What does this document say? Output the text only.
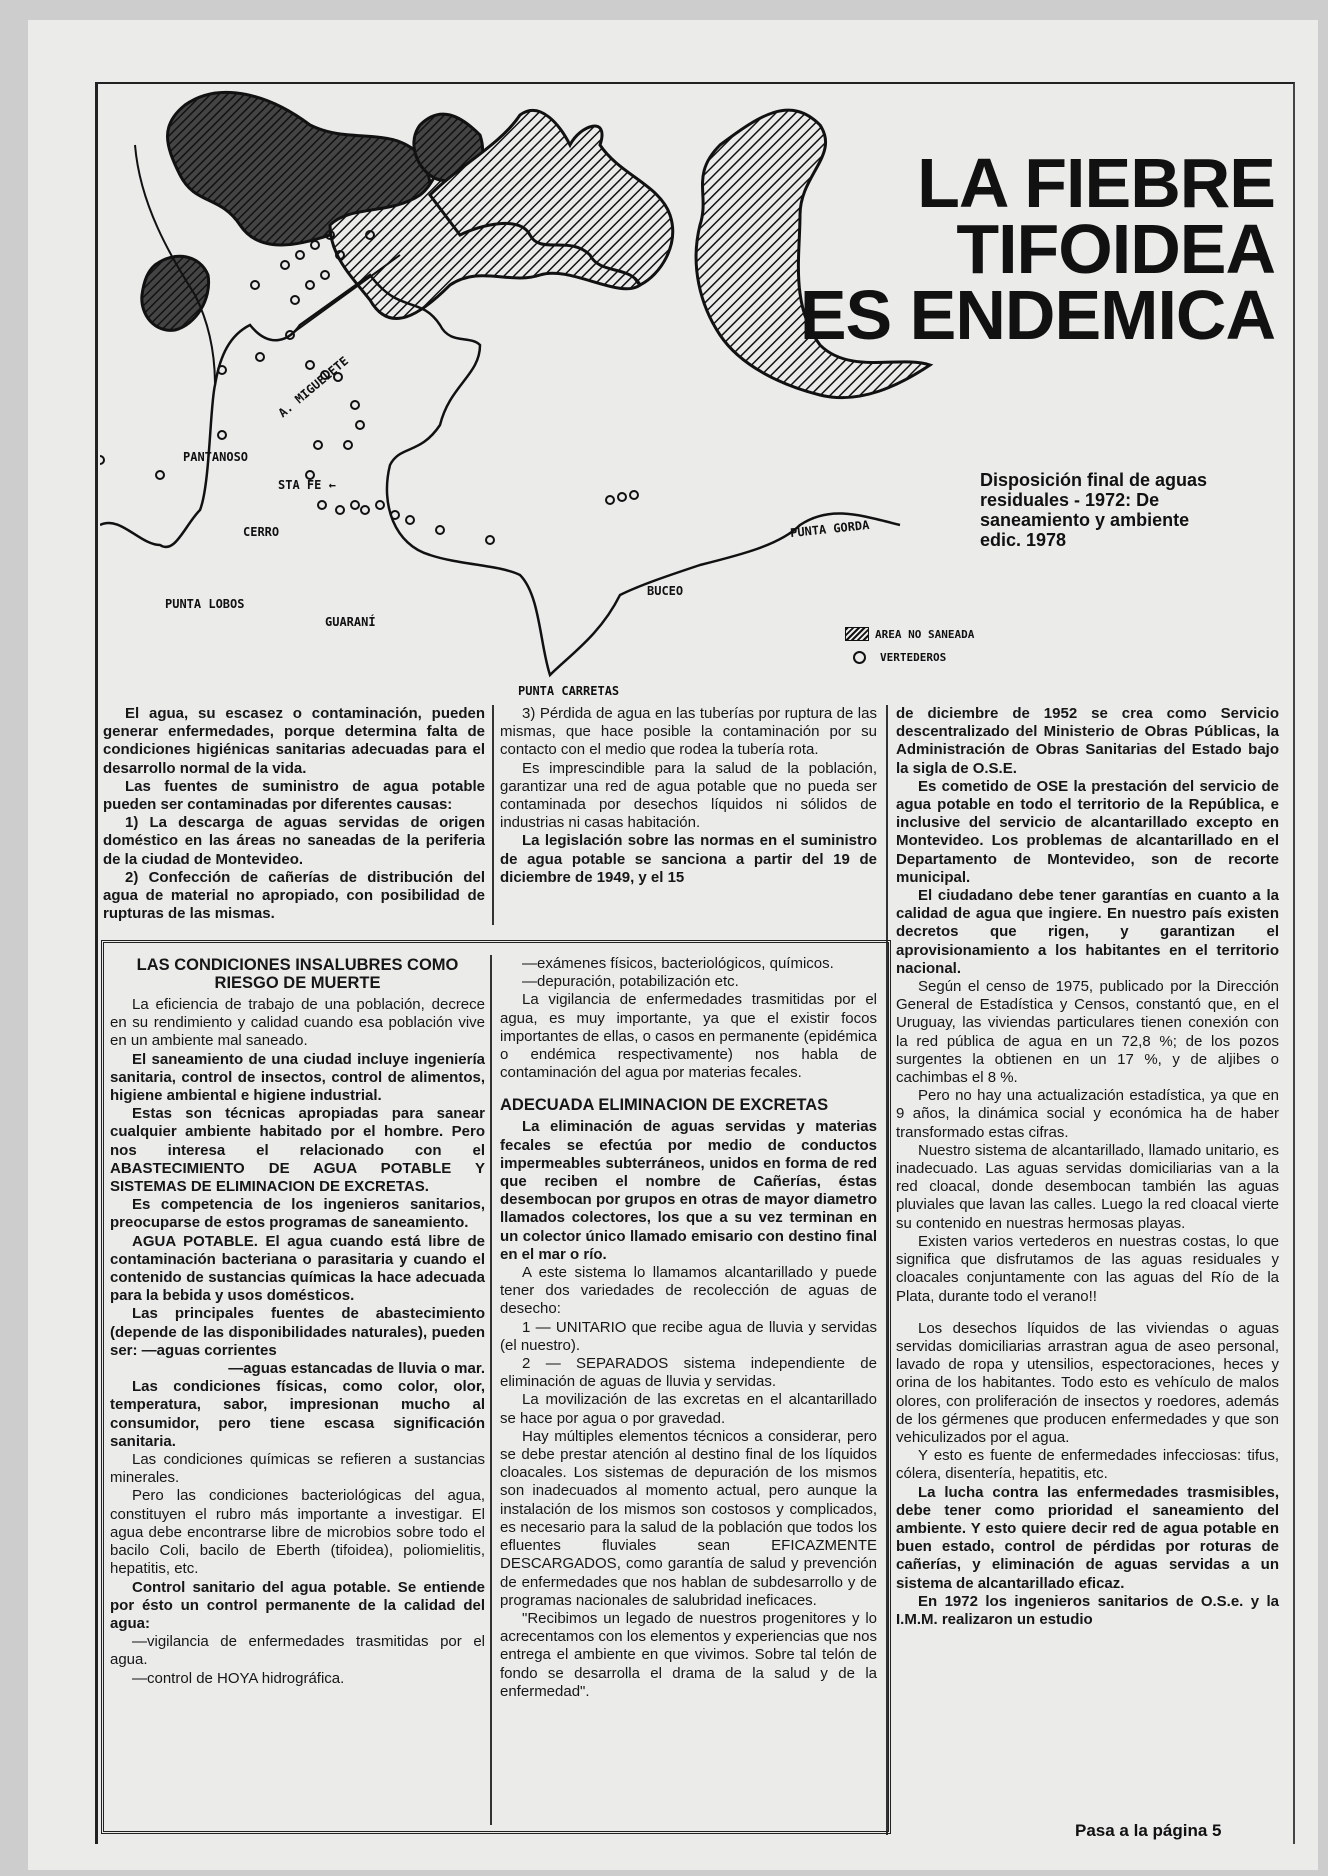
A. MIGUELETE
PANTANOSO
STA FE ←
CERRO
PUNTA LOBOS
GUARANÍ
BUCEO
PUNTA CARRETAS
PUNTA GORDA
LA FIEBRE
TIFOIDEA
ES ENDEMICA
Disposición final de aguas residuales - 1972: De saneamiento y ambiente edic. 1978
AREA NO SANEADA
VERTEDEROS

El agua, su escasez o contaminación, pueden generar enfermedades, porque determina falta de condiciones higiénicas sanitarias adecuadas para el desarrollo normal de la vida.

Las fuentes de suministro de agua potable pueden ser contaminadas por diferentes causas:

1) La descarga de aguas servidas de origen doméstico en las áreas no saneadas de la periferia de la ciudad de Montevideo.

2) Confección de cañerías de distribución del agua de material no apropiado, con posibilidad de rupturas de las mismas.

3) Pérdida de agua en las tuberías por ruptura de las mismas, que hace posible la contaminación por su contacto con el medio que rodea la tubería rota.

Es imprescindible para la salud de la población, garantizar una red de agua potable que no pueda ser contaminada por desechos líquidos ni sólidos de industrias ni casas habitación.

La legislación sobre las normas en el suministro de agua potable se sanciona a partir del 19 de diciembre de 1949, y el 15

de diciembre de 1952 se crea como Servicio descentralizado del Ministerio de Obras Públicas, la Administración de Obras Sanitarias del Estado bajo la sigla de O.S.E.

Es cometido de OSE la prestación del servicio de agua potable en todo el territorio de la República, e inclusive del servicio de alcantarillado excepto en Montevideo. Los problemas de alcantarillado en el Departamento de Montevideo, son de recorte municipal.

El ciudadano debe tener garantías en cuanto a la calidad de agua que ingiere. En nuestro país existen decretos que rigen, y garantizan el aprovisionamiento a los habitantes en el territorio nacional.

Según el censo de 1975, publicado por la Dirección General de Estadística y Censos, constantó que, en el Uruguay, las viviendas particulares tienen conexión con la red pública de agua en un 72,8 %; de los pozos surgentes la obtienen en un 17 %, y de aljibes o cachimbas el 8 %.

Pero no hay una actualización estadística, ya que en 9 años, la dinámica social y económica ha de haber transformado estas cifras.

Nuestro sistema de alcantarillado, llamado unitario, es inadecuado. Las aguas servidas domiciliarias van a la red cloacal, donde desembocan también las aguas pluviales que lavan las calles. Luego la red cloacal vierte su contenido en nuestras hermosas playas.

Existen varios vertederos en nuestras costas, lo que significa que disfrutamos de las aguas residuales y cloacales conjuntamente con las aguas del Río de la Plata, durante todo el verano!!

Los desechos líquidos de las viviendas o aguas servidas domiciliarias arrastran agua de aseo personal, lavado de ropa y utensilios, espectoraciones, heces y orina de los habitantes. Todo esto es vehículo de malos olores, con proliferación de insectos y roedores, además de los gérmenes que producen enfermedades y que son vehiculizados por el agua.

Y esto es fuente de enfermedades infecciosas: tifus, cólera, disentería, hepatitis, etc.

La lucha contra las enfermedades trasmisibles, debe tener como prioridad el saneamiento del ambiente. Y esto quiere decir red de agua potable en buen estado, control de pérdidas por roturas de cañerías, y eliminación de aguas servidas a un sistema de alcantarillado eficaz.

En 1972 los ingenieros sanitarios de O.S.e. y la I.M.M. realizaron un estudio

Pasa a la página 5
LAS CONDICIONES INSALUBRES COMO RIESGO DE MUERTE

La eficiencia de trabajo de una población, decrece en su rendimiento y calidad cuando esa población vive en un ambiente mal saneado.

El saneamiento de una ciudad incluye ingeniería sanitaria, control de insectos, control de alimentos, higiene ambiental e higiene industrial.

Estas son técnicas apropiadas para sanear cualquier ambiente habitado por el hombre. Pero nos interesa el relacionado con el ABASTECIMIENTO DE AGUA POTABLE Y SISTEMAS DE ELIMINACION DE EXCRETAS.

Es competencia de los ingenieros sanitarios, preocuparse de estos programas de saneamiento.

AGUA POTABLE. El agua cuando está libre de contaminación bacteriana o parasitaria y cuando el contenido de sustancias químicas la hace adecuada para la bebida y usos domésticos.

Las principales fuentes de abastecimiento (depende de las disponibilidades naturales), pueden ser: —aguas corrientes

—aguas estancadas de lluvia o mar.

Las condiciones físicas, como color, olor, temperatura, sabor, impresionan mucho al consumidor, pero tiene escasa significación sanitaria.

Las condiciones químicas se refieren a sustancias minerales.

Pero las condiciones bacteriológicas del agua, constituyen el rubro más importante a investigar. El agua debe encontrarse libre de microbios sobre todo el bacilo Coli, bacilo de Eberth (tifoidea), poliomielitis, hepatitis, etc.

Control sanitario del agua potable. Se entiende por ésto un control permanente de la calidad del agua:

—vigilancia de enfermedades trasmitidas por el agua.

—control de HOYA hidrográfica.

—exámenes físicos, bacteriológicos, químicos.

—depuración, potabilización etc.

La vigilancia de enfermedades trasmitidas por el agua, es muy importante, ya que el existir focos importantes de ellas, o casos en permanente (epidémica o endémica respectivamente) nos habla de contaminación del agua por materias fecales.

ADECUADA ELIMINACION DE EXCRETAS

La eliminación de aguas servidas y materias fecales se efectúa por medio de conductos impermeables subterráneos, unidos en forma de red que reciben el nombre de Cañerías, éstas desembocan por grupos en otras de mayor diametro llamados colectores, los que a su vez terminan en un colector único llamado emisario con destino final en el mar o río.

A este sistema lo llamamos alcantarillado y puede tener dos variedades de recolección de aguas de desecho:

1 — UNITARIO que recibe agua de lluvia y servidas (el nuestro).

2 — SEPARADOS sistema independiente de eliminación de aguas de lluvia y servidas.

La movilización de las excretas en el alcantarillado se hace por agua o por gravedad.

Hay múltiples elementos técnicos a considerar, pero se debe prestar atención al destino final de los líquidos cloacales. Los sistemas de depuración de los mismos son inadecuados al momento actual, pero aunque la instalación de los mismos son costosos y complicados, es necesario para la salud de la población que todos los efluentes fluviales sean EFICAZMENTE DESCARGADOS, como garantía de salud y prevención de enfermedades que nos hablan de subdesarrollo y de programas nacionales de salubridad ineficaces.

"Recibimos un legado de nuestros progenitores y lo acrecentamos con los elementos y experiencias que nos entrega el ambiente en que vivimos. Sobre tal telón de fondo se desarrolla el drama de la salud y de la enfermedad".
